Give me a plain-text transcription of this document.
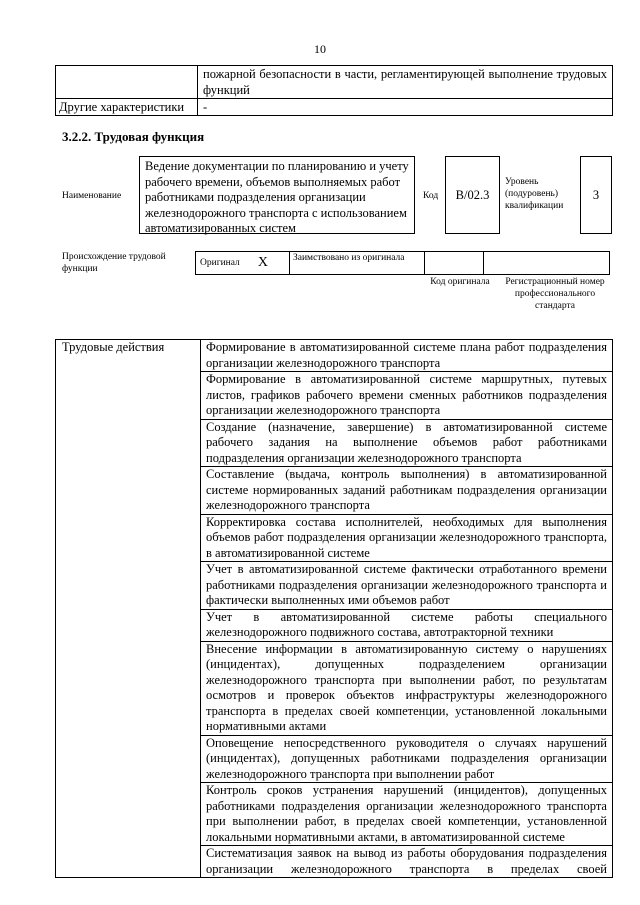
10
	пожарной безопасности в части, регламентирующей выполнение трудовых функций
Другие характеристики	-
3.2.2. Трудовая функция
Наименование
Ведение документации по планированию и учету рабочего времени, объемов выполняемых работ работниками подразделения организации железнодорожного транспорта с использованием автоматизированных систем
Код B/02.3
Уровень (подуровень) квалификации
3
Происхождение трудовой функции
Оригинал X	Заимствовано из оригинала
Код оригинала Регистрационный номер профессионального стандарта
Трудовые действия	Формирование в автоматизированной системе плана работ подразделения организации железнодорожного транспорта
Формирование в автоматизированной системе маршрутных, путевых листов, графиков рабочего времени сменных работников подразделения организации железнодорожного транспорта
Создание (назначение, завершение) в автоматизированной системе рабочего задания на выполнение объемов работ работниками подразделения организации железнодорожного транспорта
Составление (выдача, контроль выполнения) в автоматизированной системе нормированных заданий работникам подразделения организации железнодорожного транспорта
Корректировка состава исполнителей, необходимых для выполнения объемов работ подразделения организации железнодорожного транспорта, в автоматизированной системе
Учет в автоматизированной системе фактически отработанного времени работниками подразделения организации железнодорожного транспорта и фактически выполненных ими объемов работ
Учет в автоматизированной системе работы специального железнодорожного подвижного состава, автотракторной техники
Внесение информации в автоматизированную систему о нарушениях (инцидентах), допущенных подразделением организации железнодорожного транспорта при выполнении работ, по результатам осмотров и проверок объектов инфраструктуры железнодорожного транспорта в пределах своей компетенции, установленной локальными нормативными актами
Оповещение непосредственного руководителя о случаях нарушений (инцидентах), допущенных работниками подразделения организации железнодорожного транспорта при выполнении работ
Контроль сроков устранения нарушений (инцидентов), допущенных работниками подразделения организации железнодорожного транспорта при выполнении работ, в пределах своей компетенции, установленной локальными нормативными актами, в автоматизированной системе
Систематизация заявок на вывод из работы оборудования подразделения организации железнодорожного транспорта в пределах своей
